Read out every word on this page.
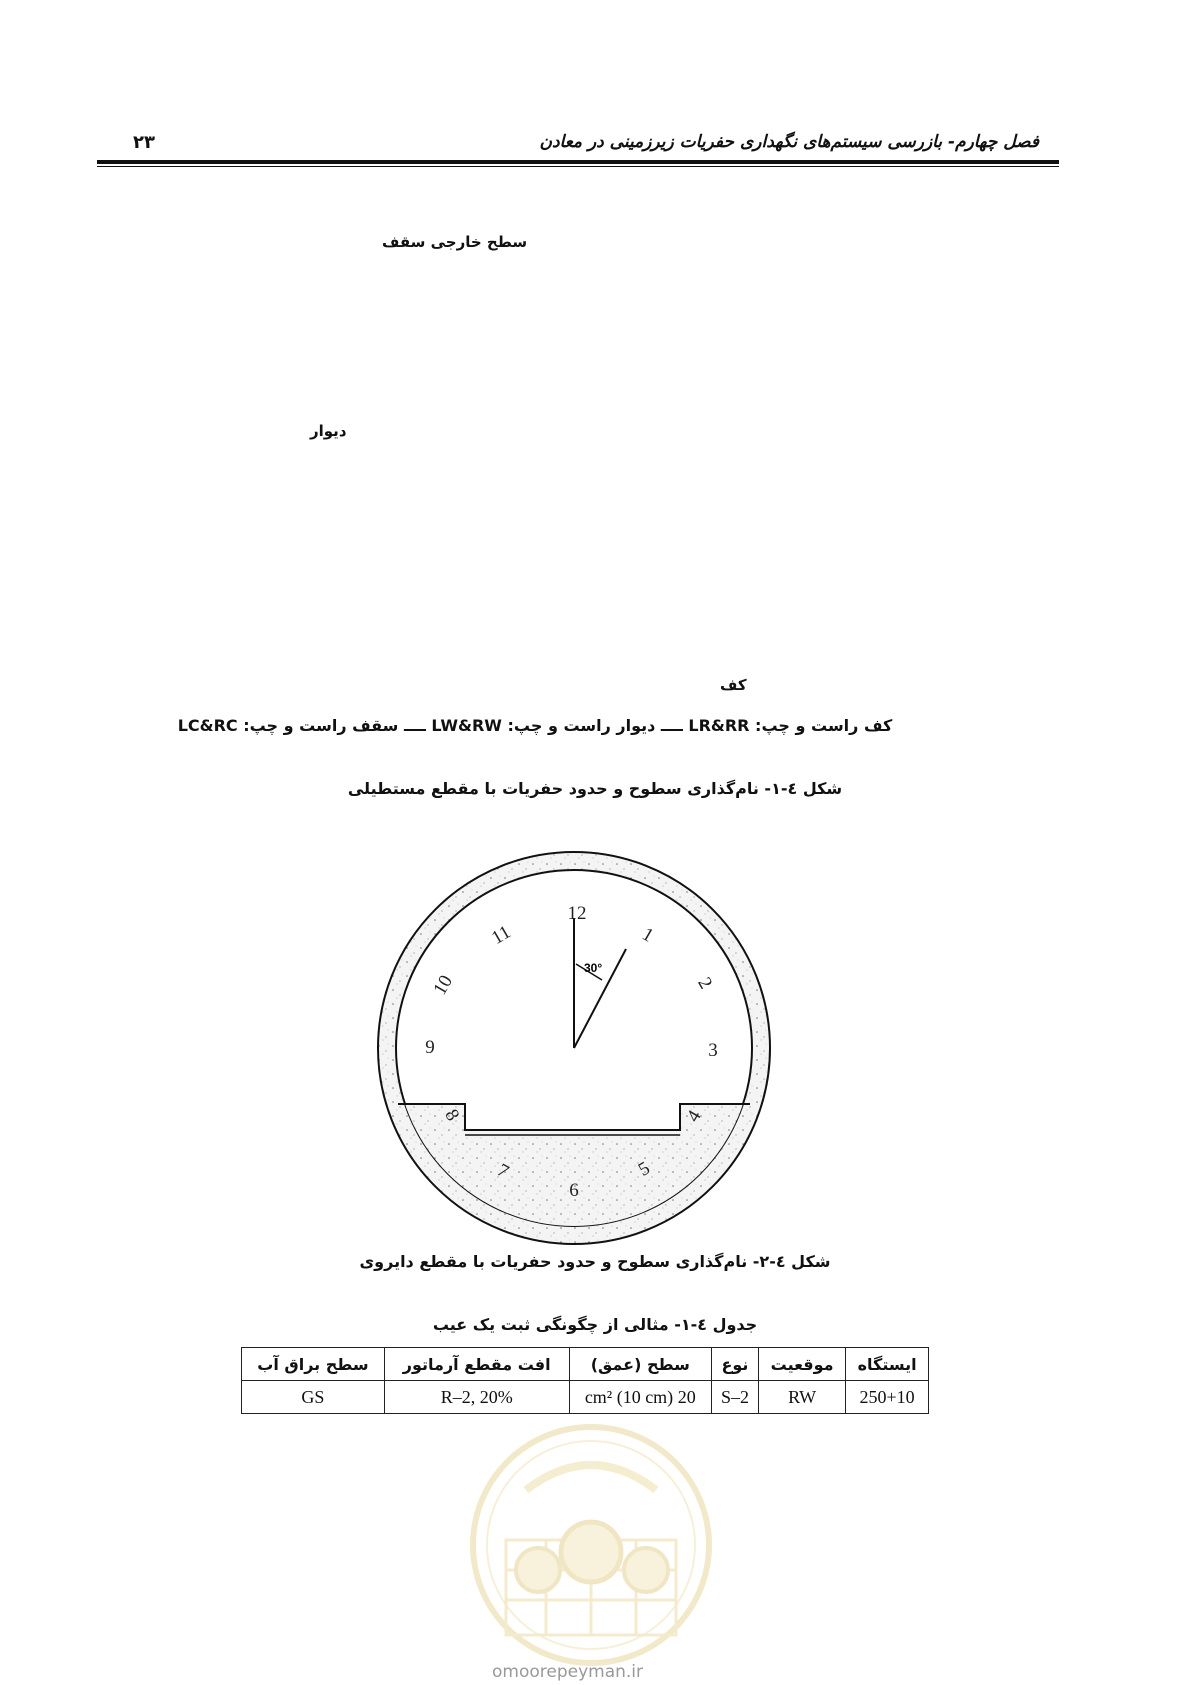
فصل چهارم- بازرسی سیستم‌های نگهداری حفریات زیرزمینی در معادن
۲۳
سطح خارجی سقف
دیوار
کف
کف راست و چپ: LR&RR ــــ دیوار راست و چپ: LW&RW ــــ سقف راست و چپ: LC&RC
شکل ٤-١- نام‌گذاری سطوح و حدود حفریات با مقطع مستطیلی
30°
12
1
2
3
4
5
6
7
8
9
10
11
شکل ٤-٢- نام‌گذاری سطوح و حدود حفریات با مقطع دایروی
جدول ٤-١- مثالی از چگونگی ثبت یک عیب
ایستگاه	موقعیت	نوع	سطح (عمق)	افت مقطع آرماتور	سطح براق آب
250+10	RW	S–2	20 cm² (10 cm)	R–2, 20%	GS
omoorepeyman.ir
